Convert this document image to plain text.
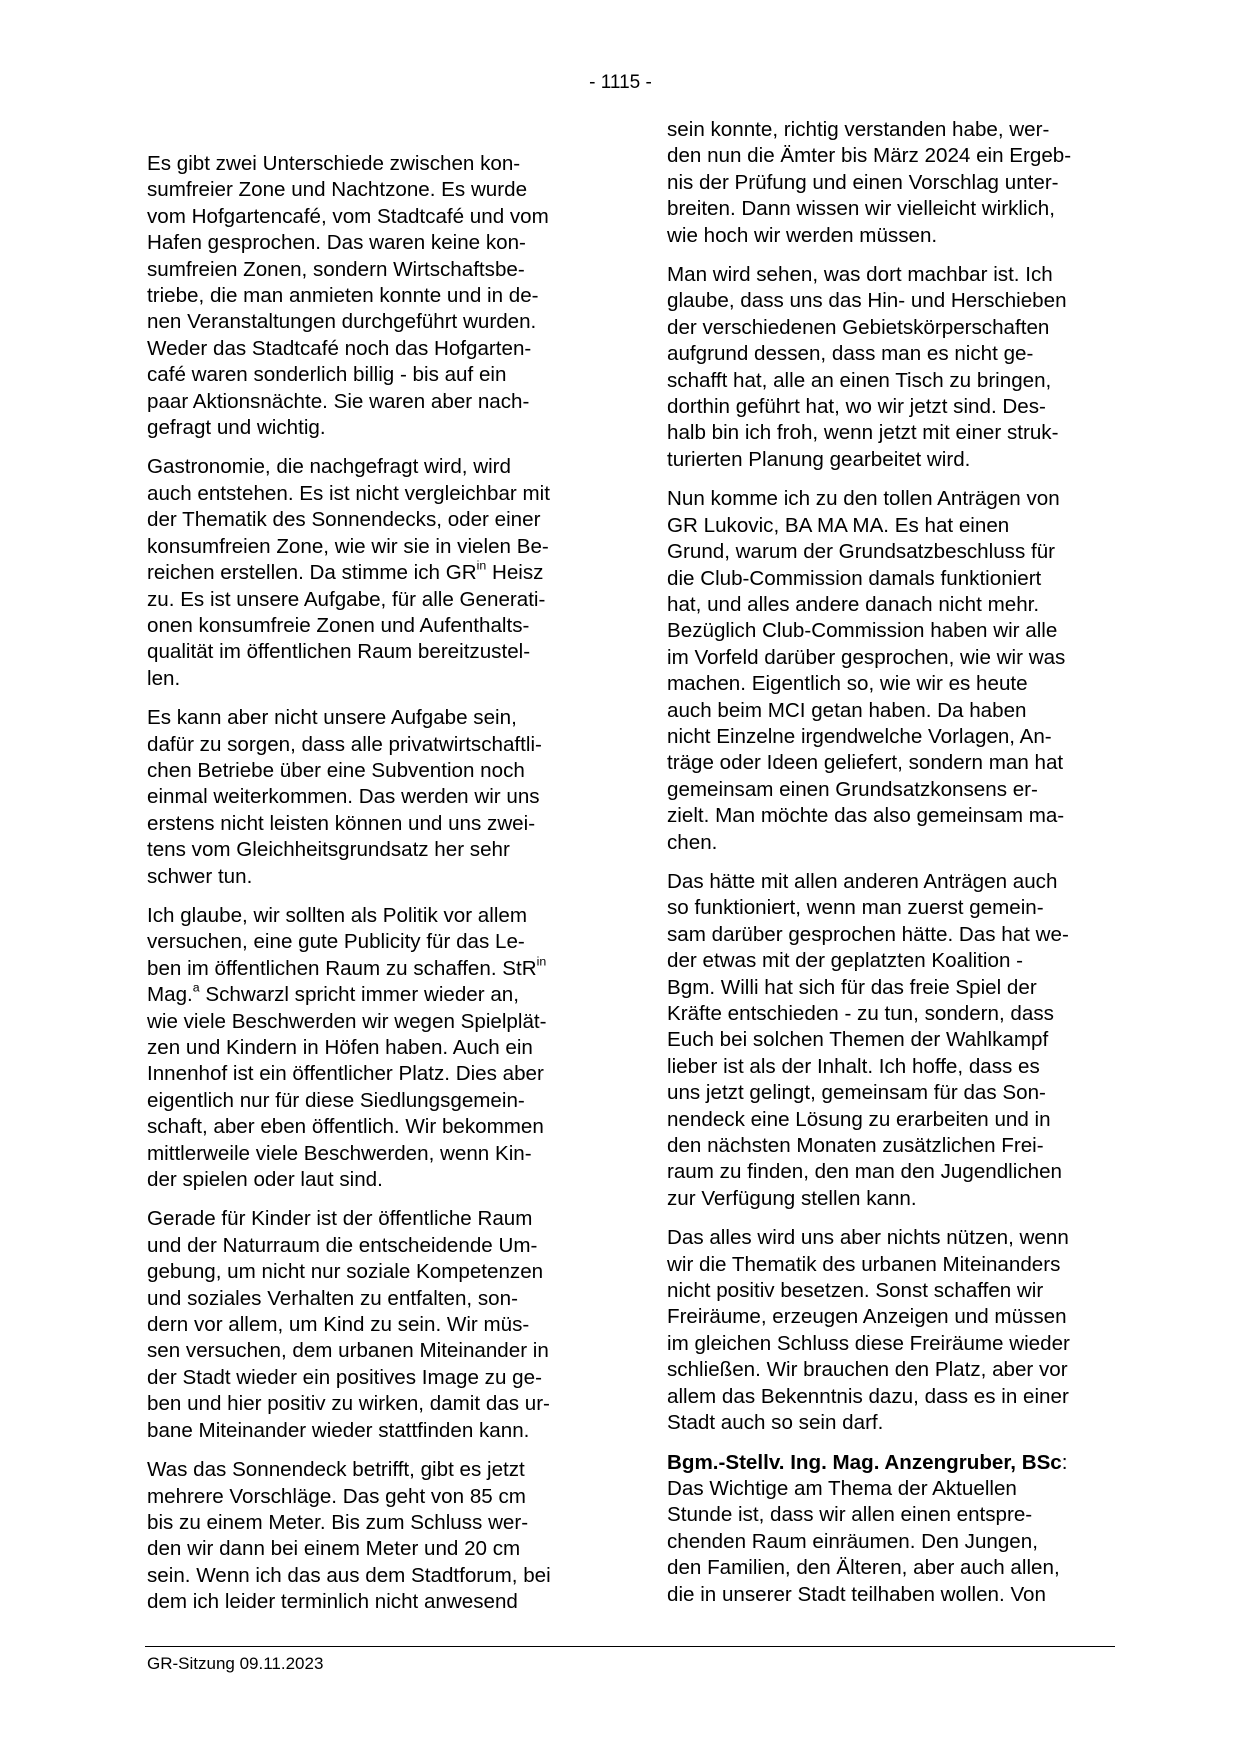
- 1115 -

Es gibt zwei Unterschiede zwischen kon-
sumfreier Zone und Nachtzone. Es wurde
vom Hofgartencafé, vom Stadtcafé und vom
Hafen gesprochen. Das waren keine kon-
sumfreien Zonen, sondern Wirtschaftsbe-
triebe, die man anmieten konnte und in de-
nen Veranstaltungen durchgeführt wurden.
Weder das Stadtcafé noch das Hofgarten-
café waren sonderlich billig - bis auf ein
paar Aktionsnächte. Sie waren aber nach-
gefragt und wichtig.

Gastronomie, die nachgefragt wird, wird
auch entstehen. Es ist nicht vergleichbar mit
der Thematik des Sonnendecks, oder einer
konsumfreien Zone, wie wir sie in vielen Be-
reichen erstellen. Da stimme ich $GR^{in}$ Heisz
zu. Es ist unsere Aufgabe, für alle Generati-
onen konsumfreie Zonen und Aufenthalts-
qualität im öffentlichen Raum bereitzustel-
len.

Es kann aber nicht unsere Aufgabe sein,
dafür zu sorgen, dass alle privatwirtschaftli-
chen Betriebe über eine Subvention noch
einmal weiterkommen. Das werden wir uns
erstens nicht leisten können und uns zwei-
tens vom Gleichheitsgrundsatz her sehr
schwer tun.

Ich glaube, wir sollten als Politik vor allem
versuchen, eine gute Publicity für das Le-
ben im öffentlichen Raum zu schaffen. StR$^{in}$
Mag.$^a$ Schwarzl spricht immer wieder an,
wie viele Beschwerden wir wegen Spielplät-
zen und Kindern in Höfen haben. Auch ein
Innenhof ist ein öffentlicher Platz. Dies aber
eigentlich nur für diese Siedlungsgemein-
schaft, aber eben öffentlich. Wir bekommen
mittlerweile viele Beschwerden, wenn Kin-
der spielen oder laut sind.

Gerade für Kinder ist der öffentliche Raum
und der Naturraum die entscheidende Um-
gebung, um nicht nur soziale Kompetenzen
und soziales Verhalten zu entfalten, son-
dern vor allem, um Kind zu sein. Wir müs-
sen versuchen, dem urbanen Miteinander in
der Stadt wieder ein positives Image zu ge-
ben und hier positiv zu wirken, damit das ur-
bane Miteinander wieder stattfinden kann.

Was das Sonnendeck betrifft, gibt es jetzt
mehrere Vorschläge. Das geht von 85 cm
bis zu einem Meter. Bis zum Schluss wer-
den wir dann bei einem Meter und 20 cm
sein. Wenn ich das aus dem Stadtforum, bei
dem ich leider terminlich nicht anwesend

sein konnte, richtig verstanden habe, wer-
den nun die Ämter bis März 2024 ein Ergeb-
nis der Prüfung und einen Vorschlag unter-
breiten. Dann wissen wir vielleicht wirklich,
wie hoch wir werden müssen.

Man wird sehen, was dort machbar ist. Ich
glaube, dass uns das Hin- und Herschieben
der verschiedenen Gebietskörperschaften
aufgrund dessen, dass man es nicht ge-
schafft hat, alle an einen Tisch zu bringen,
dorthin geführt hat, wo wir jetzt sind. Des-
halb bin ich froh, wenn jetzt mit einer struk-
turierten Planung gearbeitet wird.

Nun komme ich zu den tollen Anträgen von
GR Lukovic, BA MA MA. Es hat einen
Grund, warum der Grundsatzbeschluss für
die Club-Commission damals funktioniert
hat, und alles andere danach nicht mehr.
Bezüglich Club-Commission haben wir alle
im Vorfeld darüber gesprochen, wie wir was
machen. Eigentlich so, wie wir es heute
auch beim MCI getan haben. Da haben
nicht Einzelne irgendwelche Vorlagen, An-
träge oder Ideen geliefert, sondern man hat
gemeinsam einen Grundsatzkonsens er-
zielt. Man möchte das also gemeinsam ma-
chen.

Das hätte mit allen anderen Anträgen auch
so funktioniert, wenn man zuerst gemein-
sam darüber gesprochen hätte. Das hat we-
der etwas mit der geplatzten Koalition -
Bgm. Willi hat sich für das freie Spiel der
Kräfte entschieden - zu tun, sondern, dass
Euch bei solchen Themen der Wahlkampf
lieber ist als der Inhalt. Ich hoffe, dass es
uns jetzt gelingt, gemeinsam für das Son-
nendeck eine Lösung zu erarbeiten und in
den nächsten Monaten zusätzlichen Frei-
raum zu finden, den man den Jugendlichen
zur Verfügung stellen kann.

Das alles wird uns aber nichts nützen, wenn
wir die Thematik des urbanen Miteinanders
nicht positiv besetzen. Sonst schaffen wir
Freiräume, erzeugen Anzeigen und müssen
im gleichen Schluss diese Freiräume wieder
schließen. Wir brauchen den Platz, aber vor
allem das Bekenntnis dazu, dass es in einer
Stadt auch so sein darf.

Bgm.-Stellv. Ing. Mag. Anzengruber, BSc:
Das Wichtige am Thema der Aktuellen
Stunde ist, dass wir allen einen entspre-
chenden Raum einräumen. Den Jungen,
den Familien, den Älteren, aber auch allen,
die in unserer Stadt teilhaben wollen. Von

GR-Sitzung 09.11.2023
